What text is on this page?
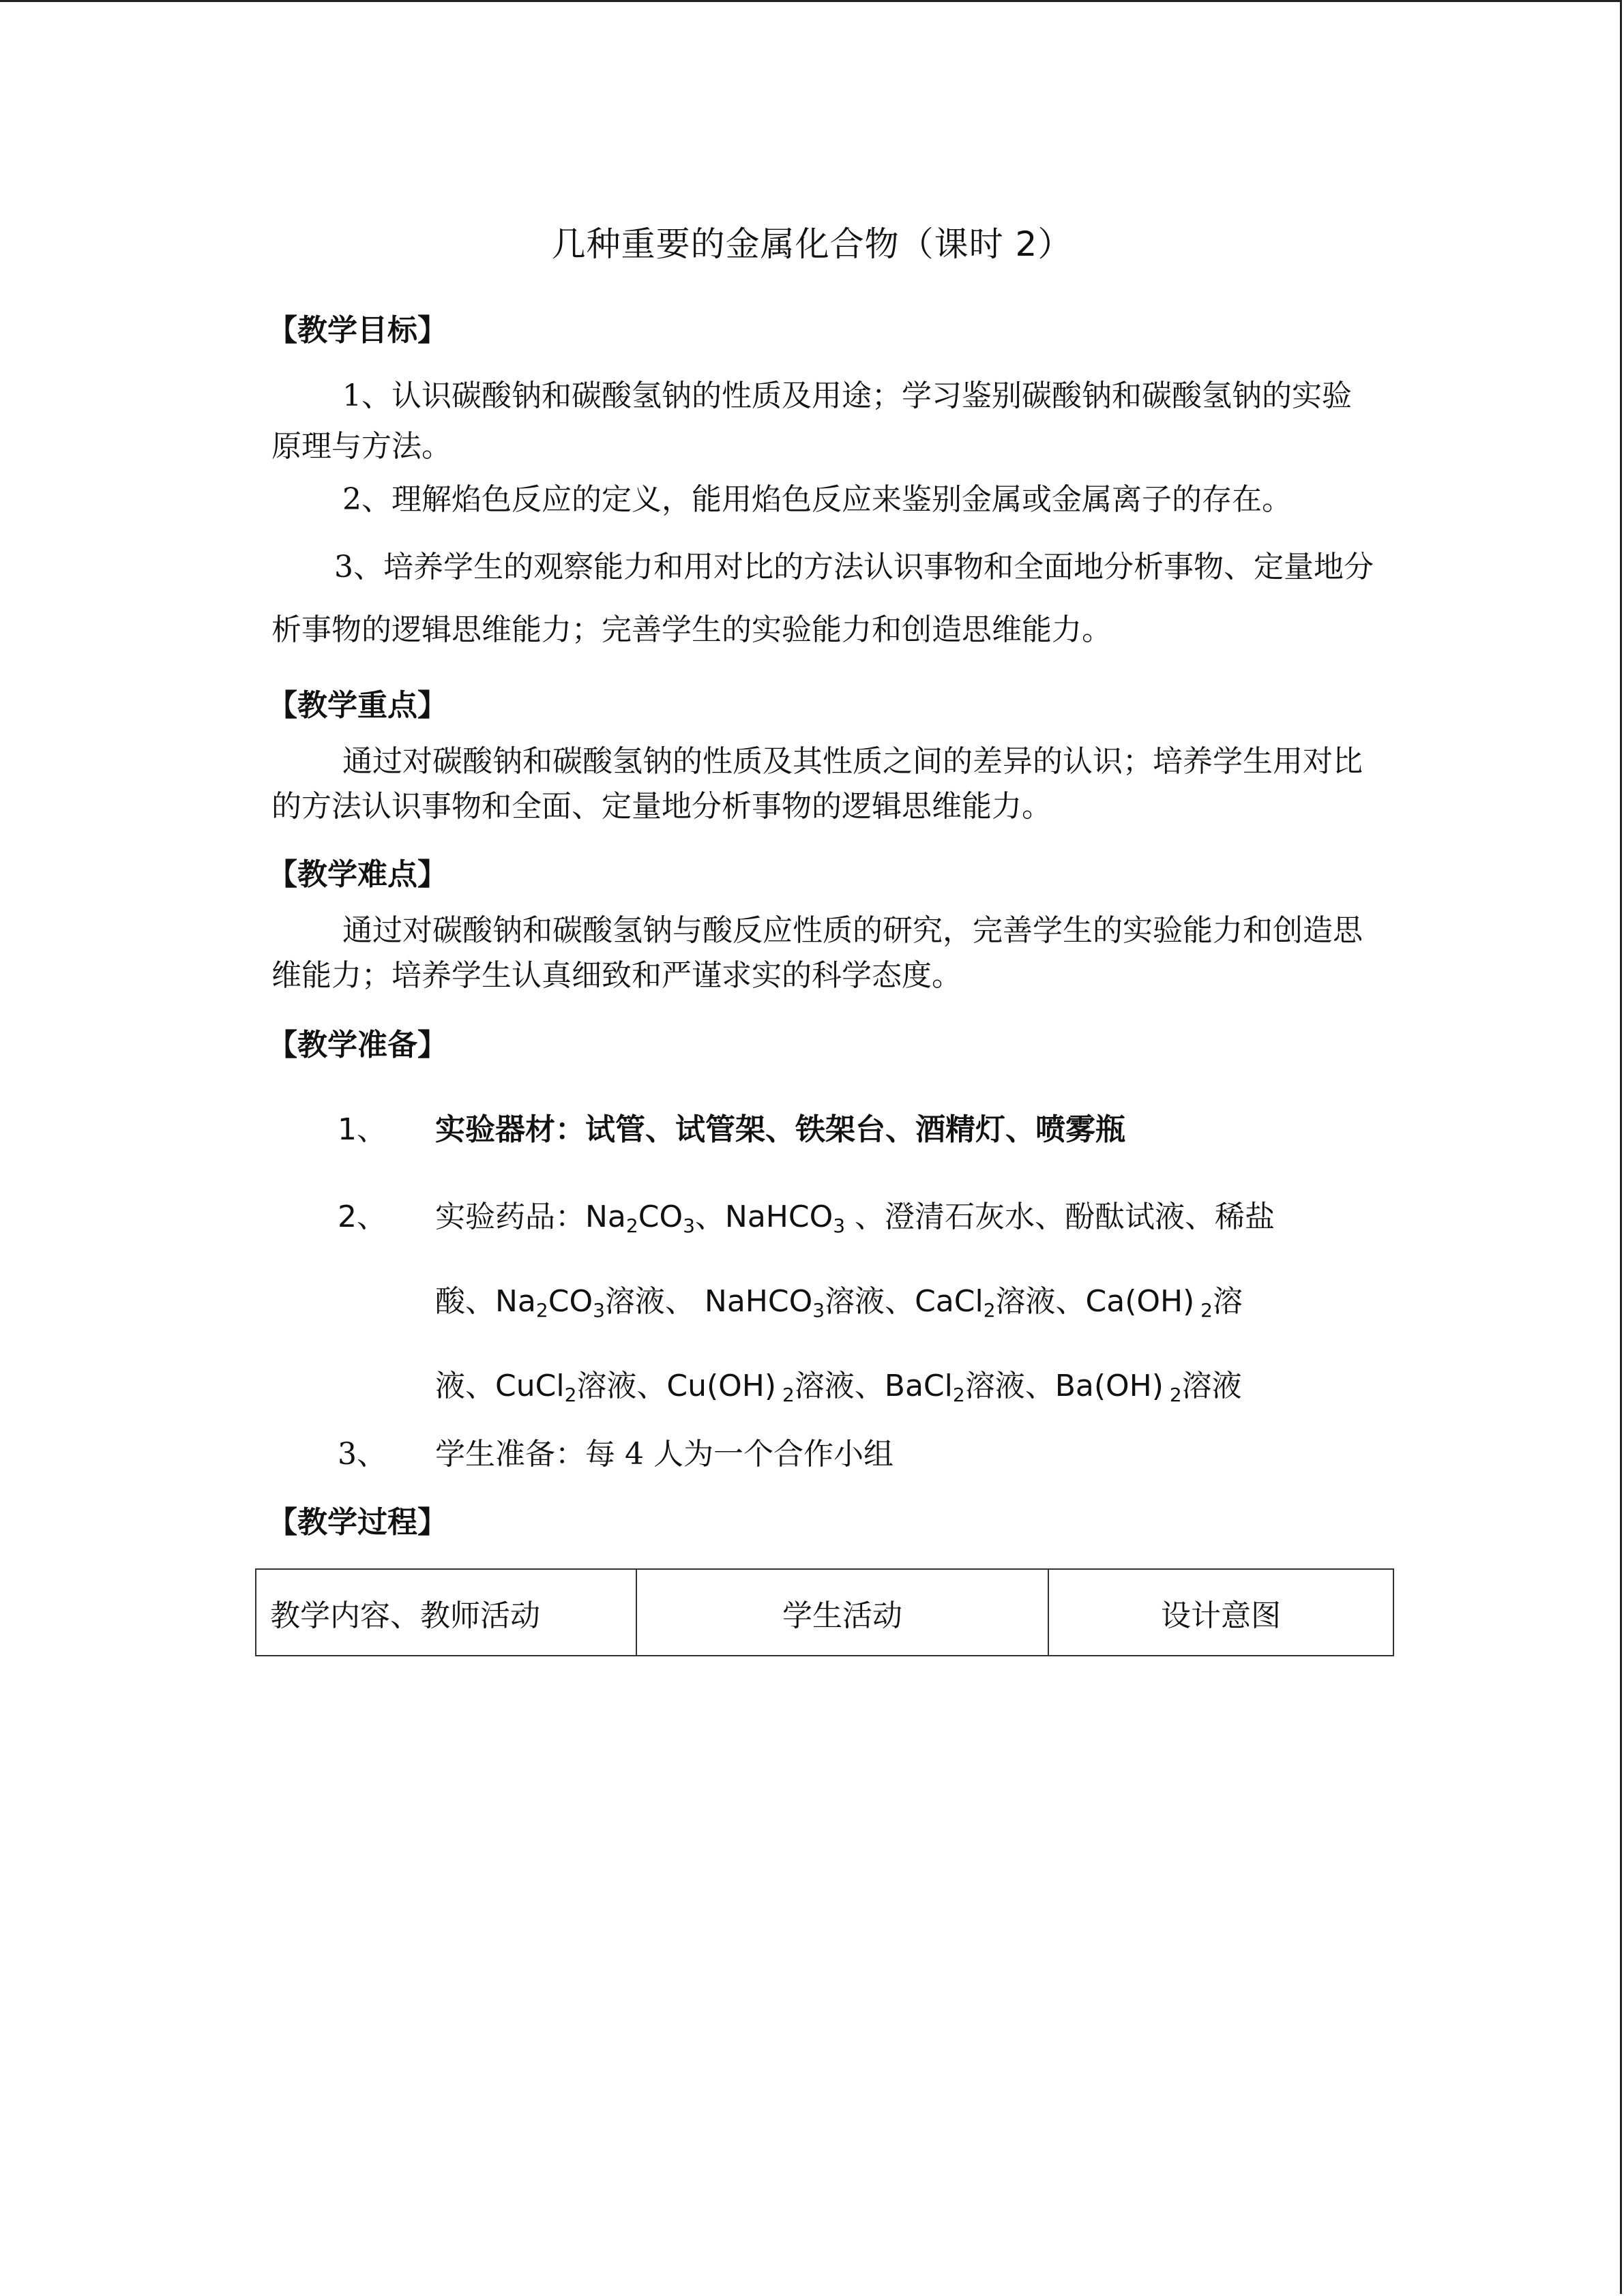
几种重要的金属化合物（课时 2）
【教学目标】
1、认识碳酸钠和碳酸氢钠的性质及用途；学习鉴别碳酸钠和碳酸氢钠的实验原理与方法。
2、理解焰色反应的定义，能用焰色反应来鉴别金属或金属离子的存在。
3、培养学生的观察能力和用对比的方法认识事物和全面地分析事物、定量地分析事物的逻辑思维能力；完善学生的实验能力和创造思维能力。
【教学重点】
通过对碳酸钠和碳酸氢钠的性质及其性质之间的差异的认识；培养学生用对比的方法认识事物和全面、定量地分析事物的逻辑思维能力。
【教学难点】
通过对碳酸钠和碳酸氢钠与酸反应性质的研究，完善学生的实验能力和创造思维能力；培养学生认真细致和严谨求实的科学态度。
【教学准备】
1、 实验器材：试管、试管架、铁架台、酒精灯、喷雾瓶
2、 实验药品：$Na_2CO_3$、NaHCO$_3$ 、澄清石灰水、酚酞试液、稀盐
酸、$Na_2CO_3$溶液、 NaHCO$_3$溶液、CaCl$_2$溶液、Ca(OH) $_2$溶
液、CuCl$_2$溶液、Cu(OH) $_2$溶液、BaCl$_2$溶液、Ba(OH) $_2$溶液
3、 学生准备：每 4 人为一个合作小组
【教学过程】
教学内容、教师活动	学生活动	设计意图
